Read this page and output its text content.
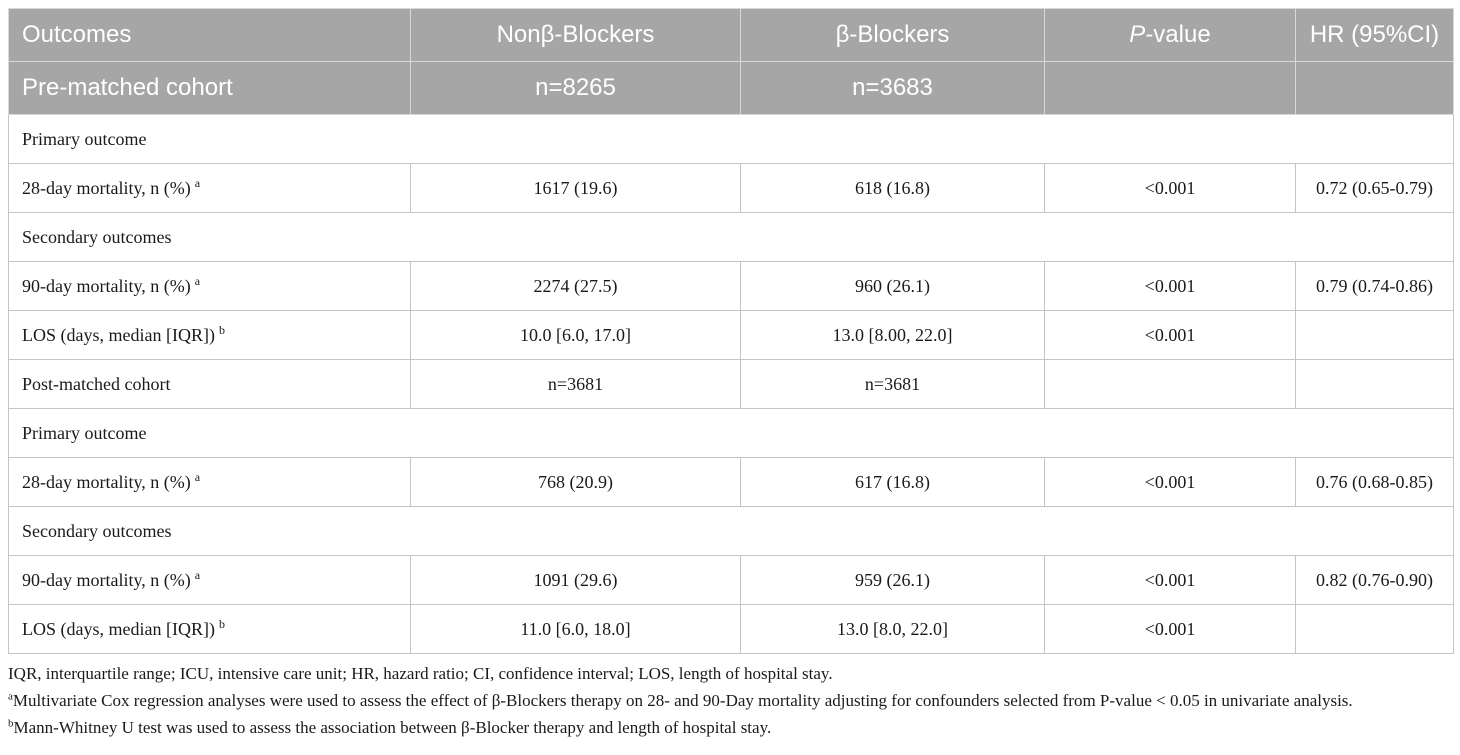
Outcomes	Nonβ-Blockers	β-Blockers	P-value	HR (95%CI)
Pre-matched cohort	n=8265	n=3683		
Primary outcome				
28-day mortality, n (%) $^a$	1617 (19.6)	618 (16.8)	<0.001	0.72 (0.65-0.79)
Secondary outcomes				
90-day mortality, n (%) $^a$	2274 (27.5)	960 (26.1)	<0.001	0.79 (0.74-0.86)
LOS (days, median [IQR]) $^b$	10.0 [6.0, 17.0]	13.0 [8.00, 22.0]	<0.001	
Post-matched cohort	n=3681	n=3681		
Primary outcome				
28-day mortality, n (%) $^a$	768 (20.9)	617 (16.8)	<0.001	0.76 (0.68-0.85)
Secondary outcomes				
90-day mortality, n (%) $^a$	1091 (29.6)	959 (26.1)	<0.001	0.82 (0.76-0.90)
LOS (days, median [IQR]) $^b$	11.0 [6.0, 18.0]	13.0 [8.0, 22.0]	<0.001	

IQR, interquartile range; ICU, intensive care unit; HR, hazard ratio; CI, confidence interval; LOS, length of hospital stay.

$^a$Multivariate Cox regression analyses were used to assess the effect of β-Blockers therapy on 28- and 90-Day mortality adjusting for confounders selected from P-value < 0.05 in univariate analysis.

$^b$Mann-Whitney U test was used to assess the association between β-Blocker therapy and length of hospital stay.
